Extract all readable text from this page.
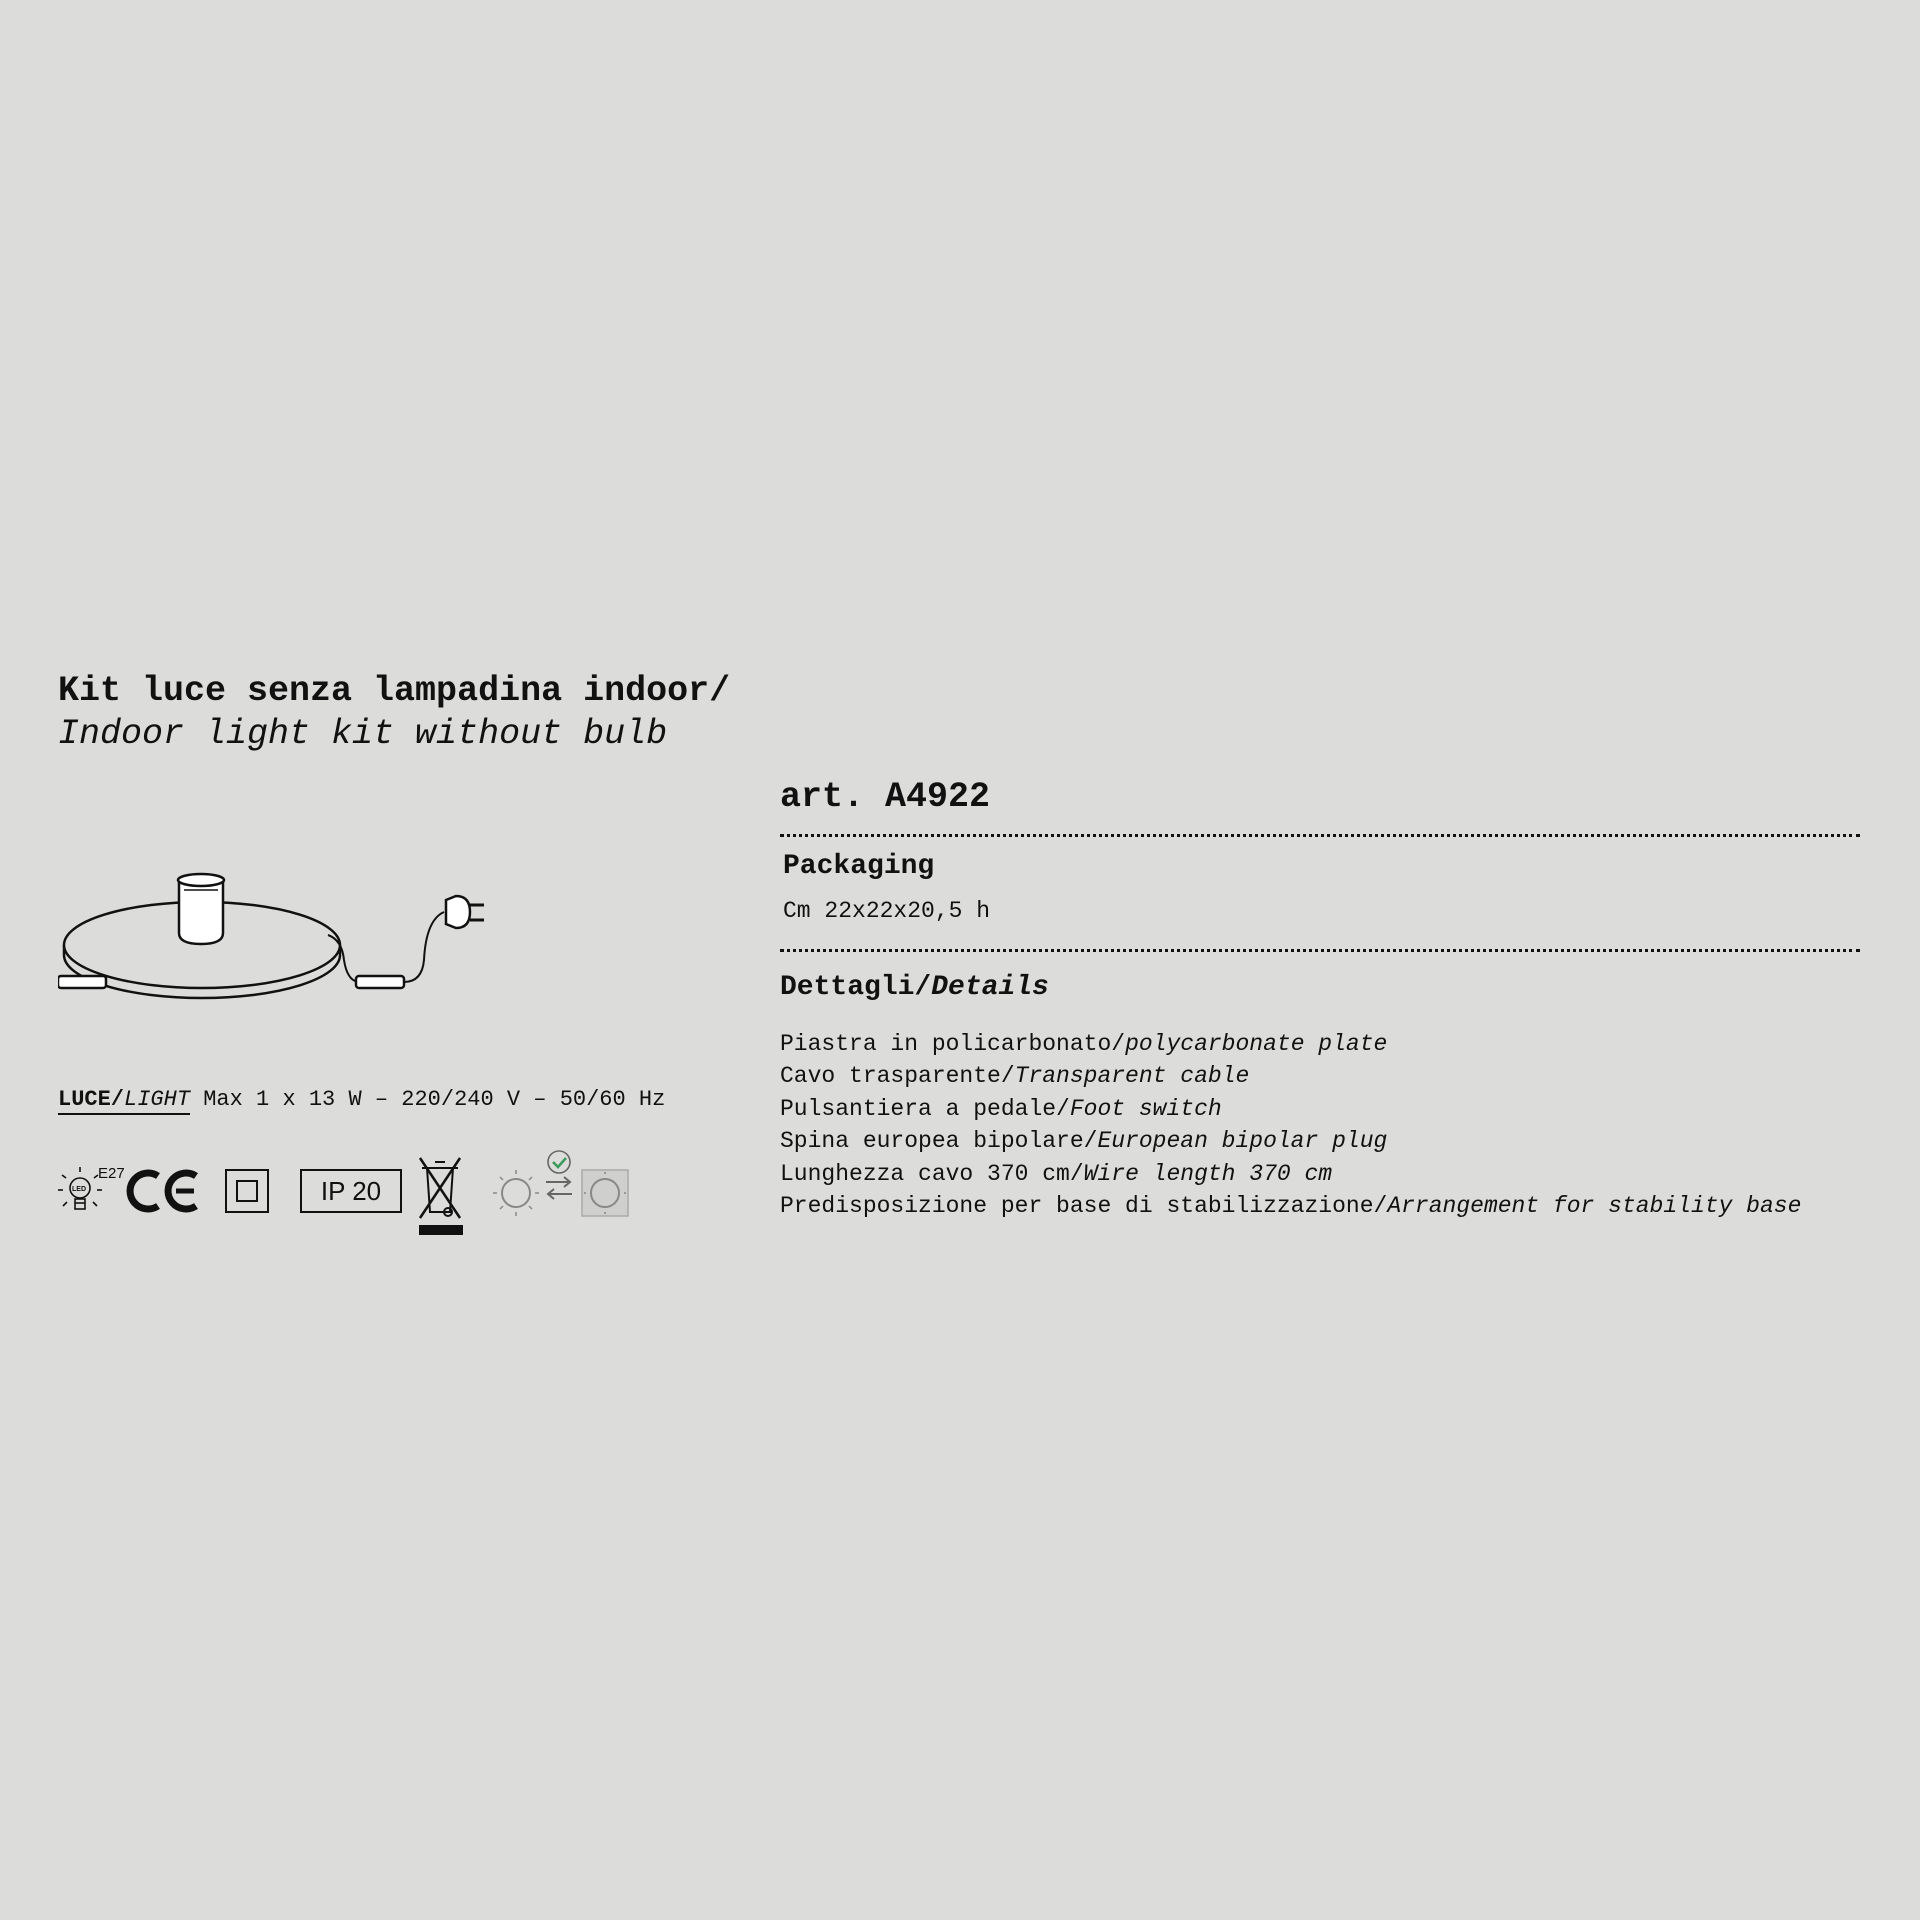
Kit luce senza lampadina indoor/
Indoor light kit without bulb
LUCE/LIGHT Max 1 x 13 W – 220/240 V – 50/60 Hz
LED
E27
IP 20
art. A4922
Packaging
Cm 22x22x20,5 h
Dettagli/Details
Piastra in policarbonato/polycarbonate plate
Cavo trasparente/Transparent cable
Pulsantiera a pedale/Foot switch
Spina europea bipolare/European bipolar plug
Lunghezza cavo 370 cm/Wire length 370 cm
Predisposizione per base di stabilizzazione/Arrangement for stability base
